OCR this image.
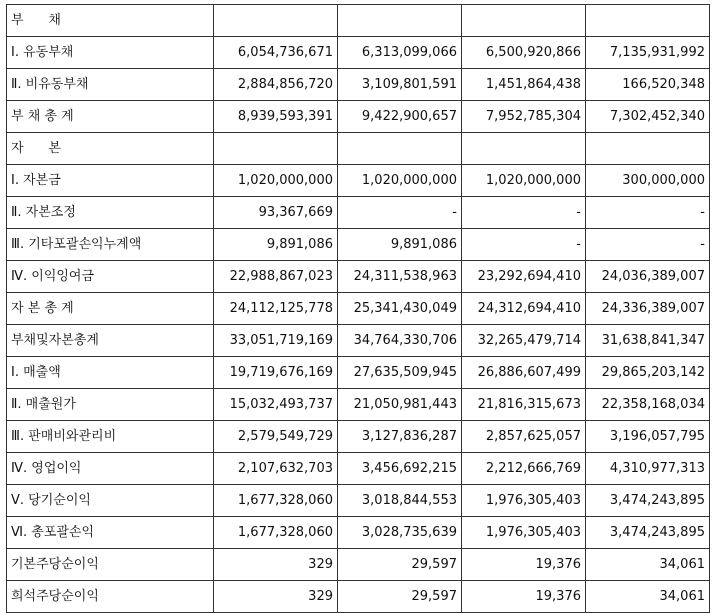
부      채				
Ⅰ. 유동부채	6,054,736,671	6,313,099,066	6,500,920,866	7,135,931,992
Ⅱ. 비유동부채	2,884,856,720	3,109,801,591	1,451,864,438	166,520,348
부 채 총 계	8,939,593,391	9,422,900,657	7,952,785,304	7,302,452,340
자      본				
Ⅰ. 자본금	1,020,000,000	1,020,000,000	1,020,000,000	300,000,000
Ⅱ. 자본조정	93,367,669	-	-	-
Ⅲ. 기타포괄손익누계액	9,891,086	9,891,086	-	-
Ⅳ. 이익잉여금	22,988,867,023	24,311,538,963	23,292,694,410	24,036,389,007
자 본 총 계	24,112,125,778	25,341,430,049	24,312,694,410	24,336,389,007
부채및자본총계	33,051,719,169	34,764,330,706	32,265,479,714	31,638,841,347
Ⅰ. 매출액	19,719,676,169	27,635,509,945	26,886,607,499	29,865,203,142
Ⅱ. 매출원가	15,032,493,737	21,050,981,443	21,816,315,673	22,358,168,034
Ⅲ. 판매비와관리비	2,579,549,729	3,127,836,287	2,857,625,057	3,196,057,795
Ⅳ. 영업이익	2,107,632,703	3,456,692,215	2,212,666,769	4,310,977,313
Ⅴ. 당기순이익	1,677,328,060	3,018,844,553	1,976,305,403	3,474,243,895
Ⅵ. 총포괄손익	1,677,328,060	3,028,735,639	1,976,305,403	3,474,243,895
기본주당순이익	329	29,597	19,376	34,061
희석주당순이익	329	29,597	19,376	34,061
